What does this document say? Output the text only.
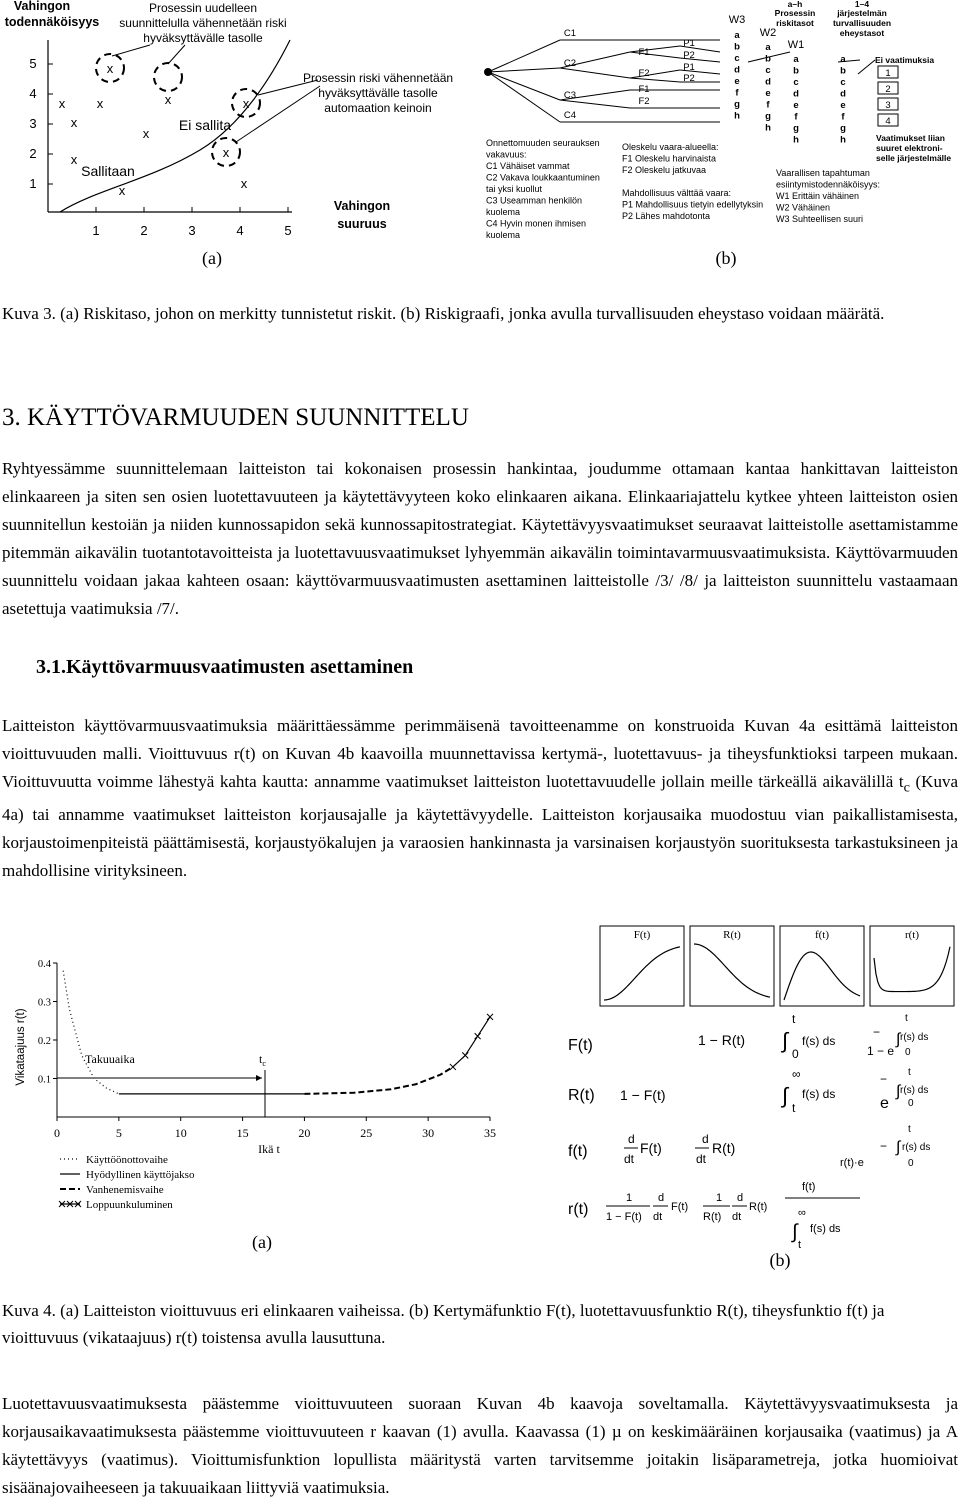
Vahingon
todennäköisyys
Prosessin uudelleen
suunnittelulla vähennetään riski
hyväksyttävälle tasolle
Prosessin riski vähennetään
hyväksyttävälle tasolle
automaation keinoin
Vahingon
suuruus
5
4
3
2
1
1	2	3	4	5
Ei sallita
Sallitaan
x
x	x
x
x
x
x
x
x
x	x
(a)
C1
C2
C3
C4
F1
F2
F1
F2
P1
P2
P1
P2
W3
W2
W1
a
b
c
d
e
f
g
h
a
b
c
d
e
f
g
h
a
b
c
d
e
f
g
h
a
b
c
d
e
f
g
h
a–h
Prosessin
riskitasot
1–4
järjestelmän
turvallisuuden
eheystasot
Ei vaatimuksia
1
2
3
4
Vaatimukset liian
suuret elektroni-
selle järjestelmälle
Onnettomuuden seurauksen
vakavuus:
C1 Vähäiset vammat
C2 Vakava loukkaantuminen
tai yksi kuollut
C3 Useamman henkilön
kuolema
C4 Hyvin monen ihmisen
kuolema
Oleskelu vaara-alueella:
F1 Oleskelu harvinaista
F2 Oleskelu jatkuvaa
Mahdollisuus välttää vaara:
P1 Mahdollisuus tietyin edellytyksin
P2 Lähes mahdotonta
Vaarallisen tapahtuman
esiintymistodennäköisyys:
W1 Erittäin vähäinen
W2 Vähäinen
W3 Suhteellisen suuri
(b)
Kuva 3. (a) Riskitaso, johon on merkitty tunnistetut riskit. (b) Riskigraafi, jonka avulla turvallisuuden eheystaso voidaan määrätä.
3. KÄYTTÖVARMUUDEN SUUNNITTELU
Ryhtyessämme suunnittelemaan laitteiston tai kokonaisen prosessin hankintaa, joudumme ottamaan kantaa hankittavan laitteiston elinkaareen ja siten sen osien luotettavuuteen ja käytettävyyteen koko elinkaaren aikana. Elinkaariajattelu kytkee yhteen laitteiston osien suunnitellun kestoiän ja niiden kunnossapidon sekä kunnossapitostrategiat. Käytettävyysvaatimukset seuraavat laitteistolle asettamistamme pitemmän aikavälin tuotantotavoitteista ja luotettavuusvaatimukset lyhyemmän aikavälin toimintavarmuusvaatimuksista. Käyttövarmuuden suunnittelu voidaan jakaa kahteen osaan: käyttövarmuusvaatimusten asettaminen laitteistolle /3/ /8/ ja laitteiston suunnittelu vastaamaan asetettuja vaatimuksia /7/.
3.1.Käyttövarmuusvaatimusten asettaminen
Laitteiston käyttövarmuusvaatimuksia määrittäessämme perimmäisenä tavoitteenamme on konstruoida Kuvan 4a esittämä laitteiston vioittuvuuden malli. Vioittuvuus r(t) on Kuvan 4b kaavoilla muunnettavissa kertymä-, luotettavuus- ja tiheysfunktioksi tarpeen mukaan. Vioittuvuutta voimme lähestyä kahta kautta: annamme vaatimukset laitteiston luotettavuudelle jollain meille tärkeällä aikavälillä $t_c$ (Kuva 4a) tai annamme vaatimukset laitteiston korjausajalle ja käytettävyydelle. Laitteiston korjausaika muodostuu vian paikallistamisesta, korjaustoimenpiteistä päättämisestä, korjaustyökalujen ja varaosien hankinnasta ja varsinaisen korjaustyön suorituksesta tarkastuksineen ja mahdollisine virityksineen.
Vikataajuus r(t)
0.4
0.3
0.2
0.1
0	5	10	15	20	25	30	35
Ikä t
Takuuaika	$t_c$
Käyttöönottovaihe
Hyödyllinen käyttöjakso
Vanhenemisvaihe
Loppuunkuluminen
(a)
F(t)	R(t)	f(t)	r(t)
F(t)	1 − R(t)
t
0
∫ f(s) ds
1 − e
−
t
r(s) ds
0
R(t) 1 − F(t)
∞
∫ f(s) ds
t	e
− t
r(s) ds
0
f(t)
d
dt
F(t)
d
dt
R(t)	−
t
r(s) ds
0
r(t)·e
r(t)
1
1 − F(t)
d
dt
F(t)
1
R(t)
d
dt
R(t)
f(t)
∞
∫ f(s) ds
t
∫
∫
∫
(b)
Kuva 4. (a) Laitteiston vioittuvuus eri elinkaaren vaiheissa. (b) Kertymäfunktio F(t), luotettavuusfunktio R(t), tiheysfunktio f(t) ja vioittuvuus (vikataajuus) r(t) toistensa avulla lausuttuna.
Luotettavuusvaatimuksesta päästemme vioittuvuuteen suoraan Kuvan 4b kaavoja soveltamalla. Käytettävyysvaatimuksesta ja korjausaikavaatimuksesta päästemme vioittuvuuteen r kaavan (1) avulla. Kaavassa (1) µ on keskimääräinen korjausaika (vaatimus) ja A käytettävyys (vaatimus). Vioittumisfunktion lopullista määritystä varten tarvitsemme joitakin lisäparametreja, jotka huomioivat sisäänajovaiheeseen ja takuuaikaan liittyviä vaatimuksia.
